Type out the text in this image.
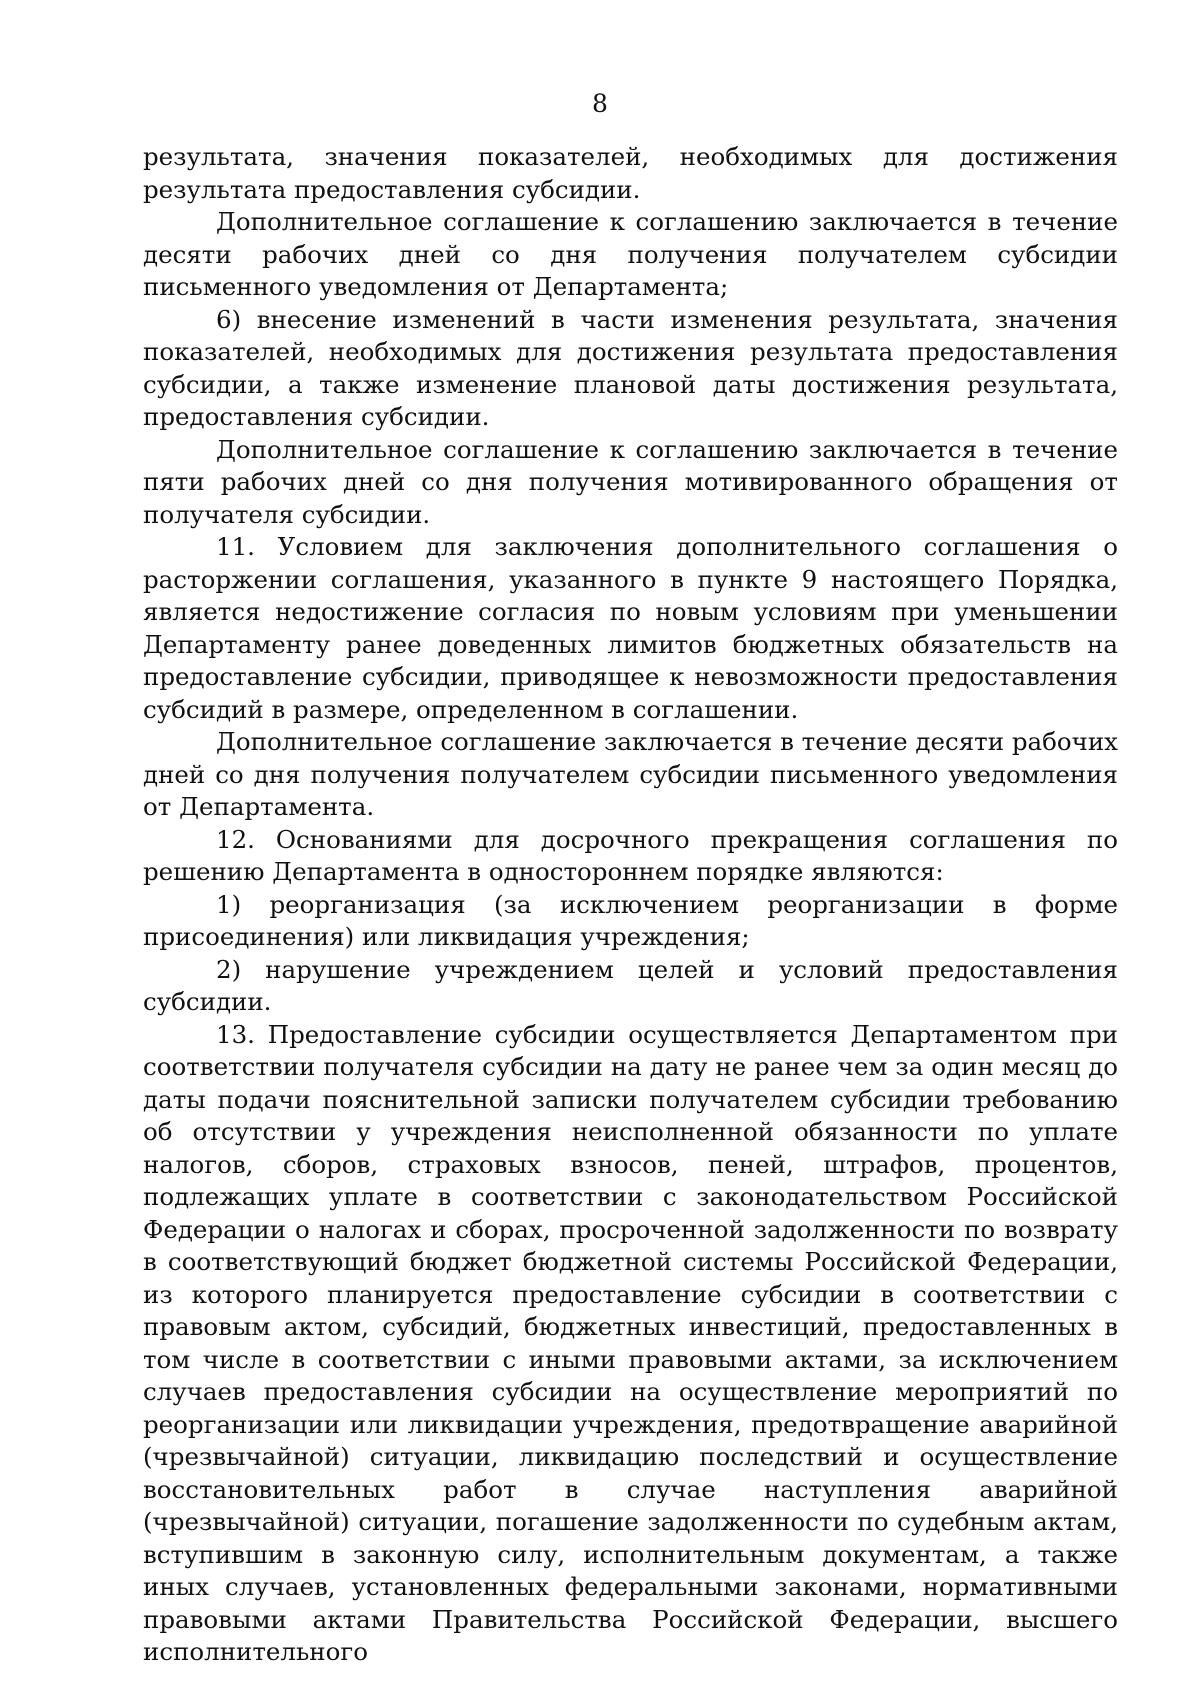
8

результата, значения показателей, необходимых для достижения результата предоставления субсидии.

Дополнительное соглашение к соглашению заключается в течение десяти рабочих дней со дня получения получателем субсидии письменного уведомления от Департамента;

6) внесение изменений в части изменения результата, значения показателей, необходимых для достижения результата предоставления субсидии, а также изменение плановой даты достижения результата, предоставления субсидии.

Дополнительное соглашение к соглашению заключается в течение пяти рабочих дней со дня получения мотивированного обращения от получателя субсидии.

11. Условием для заключения дополнительного соглашения о расторжении соглашения, указанного в пункте 9 настоящего Порядка, является недостижение согласия по новым условиям при уменьшении Департаменту ранее доведенных лимитов бюджетных обязательств на предоставление субсидии, приводящее к невозможности предоставления субсидий в размере, определенном в соглашении.

Дополнительное соглашение заключается в течение десяти рабочих дней со дня получения получателем субсидии письменного уведомления от Департамента.

12. Основаниями для досрочного прекращения соглашения по решению Департамента в одностороннем порядке являются:

1) реорганизация (за исключением реорганизации в форме присоединения) или ликвидация учреждения;

2) нарушение учреждением целей и условий предоставления субсидии.

13. Предоставление субсидии осуществляется Департаментом при соответствии получателя субсидии на дату не ранее чем за один месяц до даты подачи пояснительной записки получателем субсидии требованию об отсутствии у учреждения неисполненной обязанности по уплате налогов, сборов, страховых взносов, пеней, штрафов, процентов, подлежащих уплате в соответствии с законодательством Российской Федерации о налогах и сборах, просроченной задолженности по возврату в соответствующий бюджет бюджетной системы Российской Федерации, из которого планируется предоставление субсидии в соответствии с правовым актом, субсидий, бюджетных инвестиций, предоставленных в том числе в соответствии с иными правовыми актами, за исключением случаев предоставления субсидии на осуществление мероприятий по реорганизации или ликвидации учреждения, предотвращение аварийной (чрезвычайной) ситуации, ликвидацию последствий и осуществление восстановительных работ в случае наступления аварийной (чрезвычайной) ситуации, погашение задолженности по судебным актам, вступившим в законную силу, исполнительным документам, а также иных случаев, установленных федеральными законами, нормативными правовыми актами Правительства Российской Федерации, высшего исполнительного
